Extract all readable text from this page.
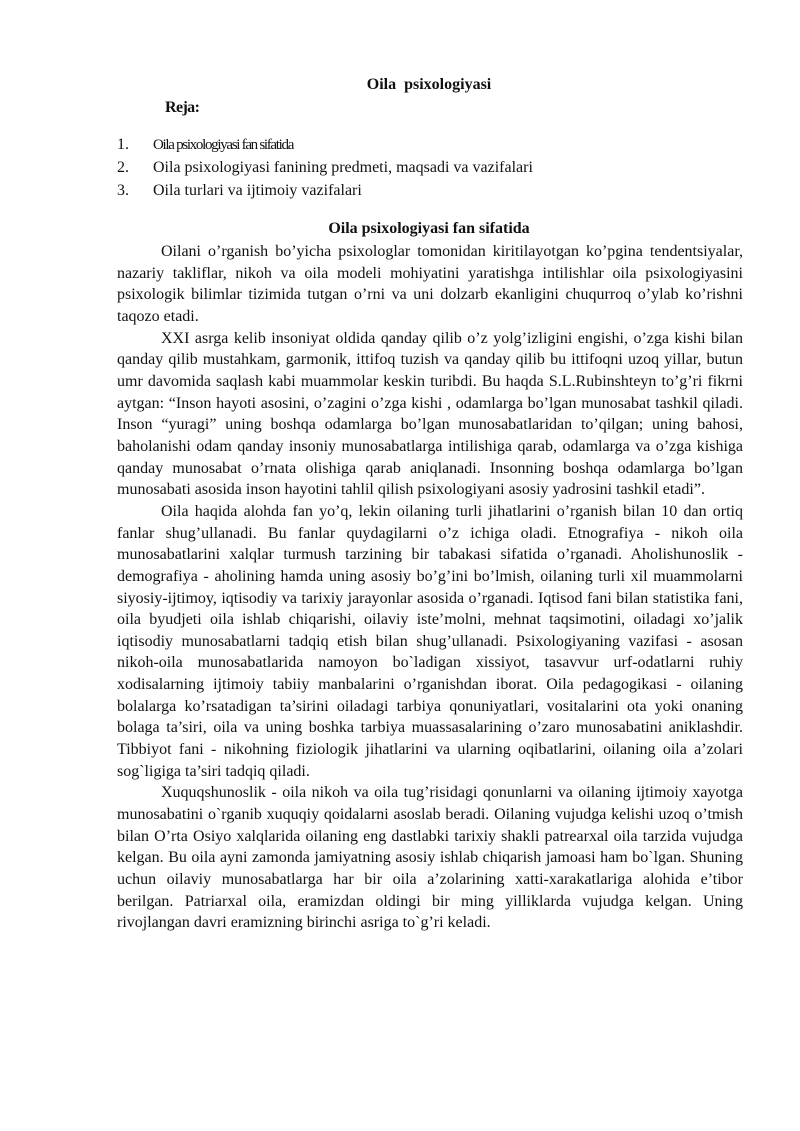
Oila  psixologiyasi
Reja:
1. Oila psixologiyasi fan sifatida
2. Oila psixologiyasi fanining predmeti, maqsadi va vazifalari
3. Oila turlari va ijtimoiy vazifalari
Oila psixologiyasi fan sifatida

Oilani o’rganish bo’yicha psixologlar tomonidan kiritilayotgan ko’pgina tendentsiyalar, nazariy takliflar, nikoh va oila modeli mohiyatini yaratishga intilishlar oila psixologiyasini psixologik bilimlar tizimida tutgan o’rni va uni dolzarb ekanligini chuqurroq o’ylab ko’rishni taqozo etadi.

XXI asrga kelib insoniyat oldida qanday qilib o’z yolg’izligini engishi, o’zga kishi bilan qanday qilib mustahkam, garmonik, ittifoq tuzish va qanday qilib bu ittifoqni uzoq yillar, butun umr davomida saqlash kabi muammolar keskin turibdi. Bu haqda S.L.Rubinshteyn to’g’ri fikrni aytgan: “Inson hayoti asosini, o’zagini o’zga kishi , odamlarga bo’lgan munosabat tashkil qiladi. Inson “yuragi” uning boshqa odamlarga bo’lgan munosabatlaridan to’qilgan; uning bahosi, baholanishi odam qanday insoniy munosabatlarga intilishiga qarab, odamlarga va o’zga kishiga qanday munosabat o’rnata olishiga qarab aniqlanadi. Insonning boshqa odamlarga bo’lgan munosabati asosida inson hayotini tahlil qilish psixologiyani asosiy yadrosini tashkil etadi”.

Oila haqida alohda fan yo’q, lekin oilaning turli jihatlarini o’rganish bilan 10 dan ortiq fanlar shug’ullanadi. Bu fanlar quydagilarni o’z ichiga oladi. Etnografiya - nikoh oila munosabatlarini xalqlar turmush tarzining bir tabakasi sifatida o’rganadi. Aholishunoslik - demografiya - aholining hamda uning asosiy bo’g’ini bo’lmish, oilaning turli xil muammolarni siyosiy-ijtimoy, iqtisodiy va tarixiy jarayonlar asosida o’rganadi. Iqtisod fani bilan statistika fani, oila byudjeti oila ishlab chiqarishi, oilaviy iste’molni, mehnat taqsimotini, oiladagi xo’jalik iqtisodiy munosabatlarni tadqiq etish bilan shug’ullanadi. Psixologiyaning vazifasi - asosan nikoh-oila munosabatlarida namoyon bo`ladigan xissiyot, tasavvur urf-odatlarni ruhiy xodisalarning ijtimoiy tabiiy manbalarini o’rganishdan iborat. Oila pedagogikasi - oilaning bolalarga ko’rsatadigan ta’sirini oiladagi tarbiya qonuniyatlari, vositalarini ota yoki onaning bolaga ta’siri, oila va uning boshka tarbiya muassasalarining o’zaro munosabatini aniklashdir. Tibbiyot fani - nikohning fiziologik jihatlarini va ularning oqibatlarini, oilaning oila a’zolari sog`ligiga ta’siri tadqiq qiladi.

Xuquqshunoslik - oila nikoh va oila tug’risidagi qonunlarni va oilaning ijtimoiy xayotga munosabatini o`rganib xuquqiy qoidalarni asoslab beradi. Oilaning vujudga kelishi uzoq o’tmish bilan O’rta Osiyo xalqlarida oilaning eng dastlabki tarixiy shakli patrearxal oila tarzida vujudga kelgan. Bu oila ayni zamonda jamiyatning asosiy ishlab chiqarish jamoasi ham bo`lgan. Shuning uchun oilaviy munosabatlarga har bir oila a’zolarining xatti-xarakatlariga alohida e’tibor berilgan. Patriarxal oila, eramizdan oldingi bir ming yilliklarda vujudga kelgan. Uning rivojlangan davri eramizning birinchi asriga to`g’ri keladi.
